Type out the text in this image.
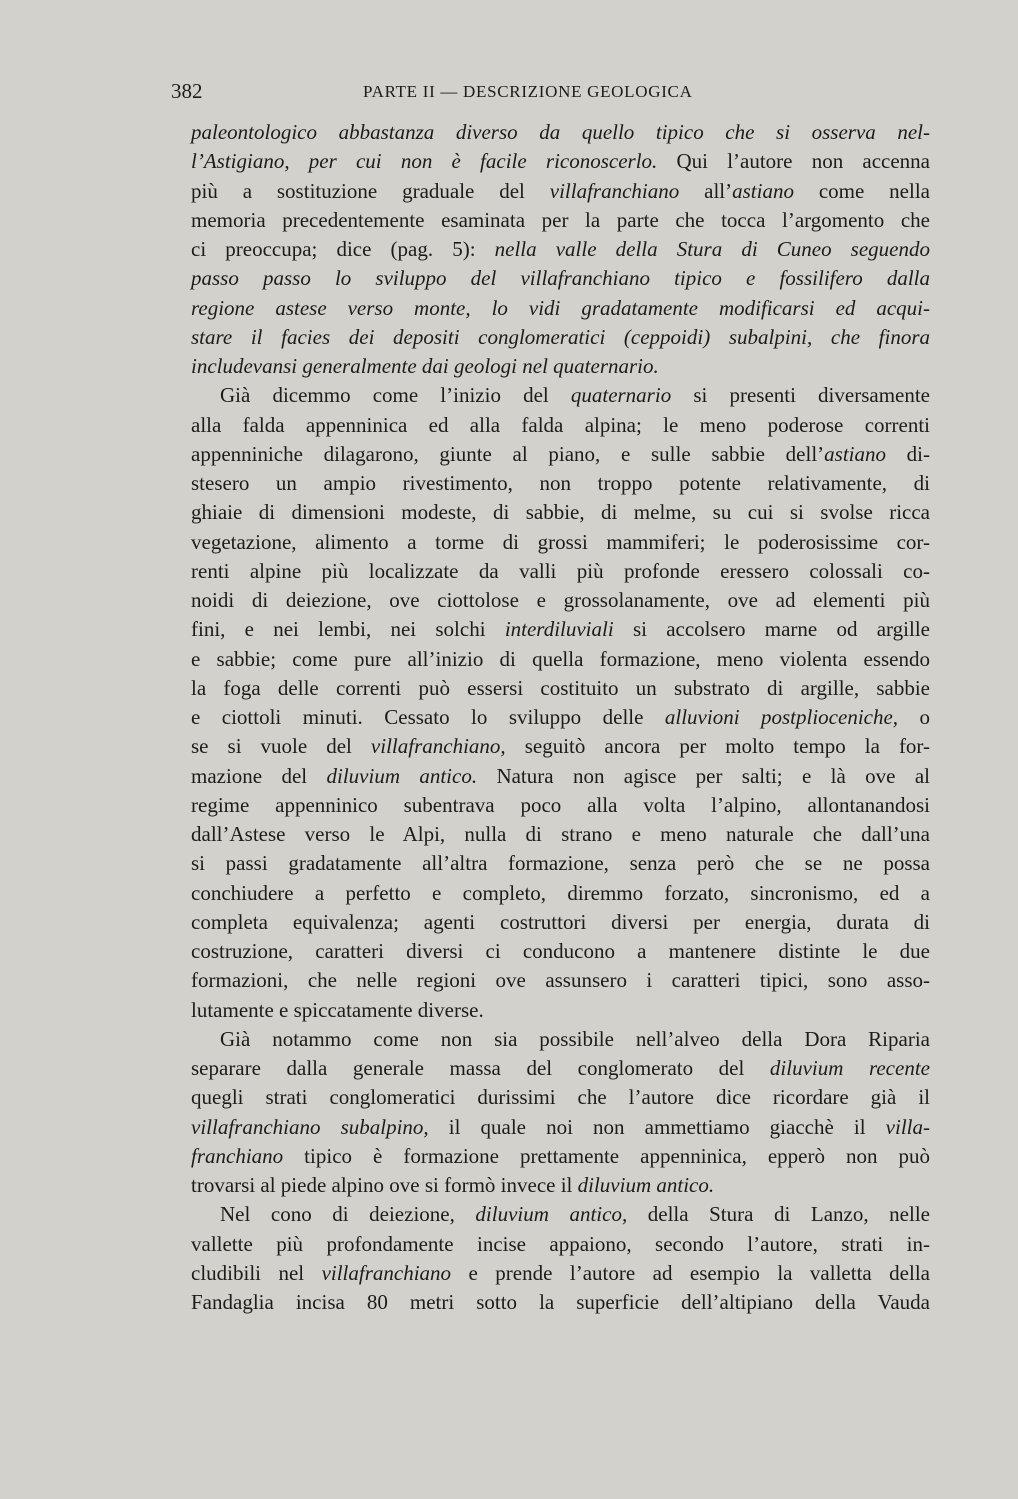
382	PARTE II — DESCRIZIONE GEOLOGICA
paleontologico abbastanza diverso da quello tipico che si osserva nel-
l’Astigiano, per cui non è facile riconoscerlo. Qui l’autore non accenna
più a sostituzione graduale del villafranchiano all’astiano come nella
memoria precedentemente esaminata per la parte che tocca l’argomento che
ci preoccupa; dice (pag. 5): nella valle della Stura di Cuneo seguendo
passo passo lo sviluppo del villafranchiano tipico e fossilifero dalla
regione astese verso monte, lo vidi gradatamente modificarsi ed acqui-
stare il facies dei depositi conglomeratici (ceppoidi) subalpini, che finora
includevansi generalmente dai geologi nel quaternario.
Già dicemmo come l’inizio del quaternario si presenti diversamente
alla falda appenninica ed alla falda alpina; le meno poderose correnti
appenniniche dilagarono, giunte al piano, e sulle sabbie dell’astiano di-
stesero un ampio rivestimento, non troppo potente relativamente, di
ghiaie di dimensioni modeste, di sabbie, di melme, su cui si svolse ricca
vegetazione, alimento a torme di grossi mammiferi; le poderosissime cor-
renti alpine più localizzate da valli più profonde eressero colossali co-
noidi di deiezione, ove ciottolose e grossolanamente, ove ad elementi più
fini, e nei lembi, nei solchi interdiluviali si accolsero marne od argille
e sabbie; come pure all’inizio di quella formazione, meno violenta essendo
la foga delle correnti può essersi costituito un substrato di argille, sabbie
e ciottoli minuti. Cessato lo sviluppo delle alluvioni postplioceniche, o
se si vuole del villafranchiano, seguitò ancora per molto tempo la for-
mazione del diluvium antico. Natura non agisce per salti; e là ove al
regime appenninico subentrava poco alla volta l’alpino, allontanandosi
dall’Astese verso le Alpi, nulla di strano e meno naturale che dall’una
si passi gradatamente all’altra formazione, senza però che se ne possa
conchiudere a perfetto e completo, diremmo forzato, sincronismo, ed a
completa equivalenza; agenti costruttori diversi per energia, durata di
costruzione, caratteri diversi ci conducono a mantenere distinte le due
formazioni, che nelle regioni ove assunsero i caratteri tipici, sono asso-
lutamente e spiccatamente diverse.
Già notammo come non sia possibile nell’alveo della Dora Riparia
separare dalla generale massa del conglomerato del diluvium recente
quegli strati conglomeratici durissimi che l’autore dice ricordare già il
villafranchiano subalpino, il quale noi non ammettiamo giacchè il villa-
franchiano tipico è formazione prettamente appenninica, epperò non può
trovarsi al piede alpino ove si formò invece il diluvium antico.
Nel cono di deiezione, diluvium antico, della Stura di Lanzo, nelle
vallette più profondamente incise appaiono, secondo l’autore, strati in-
cludibili nel villafranchiano e prende l’autore ad esempio la valletta della
Fandaglia incisa 80 metri sotto la superficie dell’altipiano della Vauda
